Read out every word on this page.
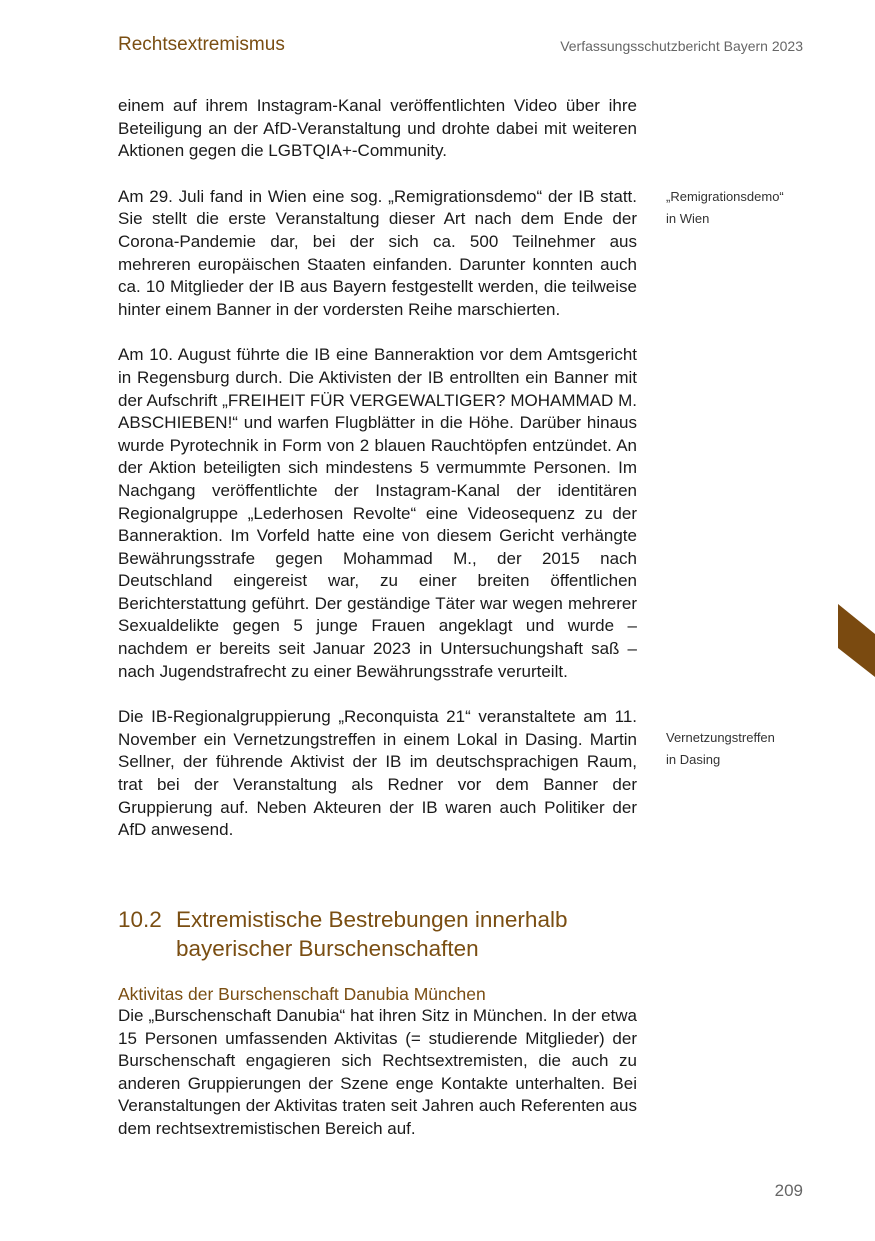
Rechtsextremismus	Verfassungsschutzbericht Bayern 2023

einem auf ihrem Instagram-Kanal veröffentlichten Video über ihre Beteiligung an der AfD-Veranstaltung und drohte dabei mit weiteren Aktionen gegen die LGBTQIA+-Community.

Am 29. Juli fand in Wien eine sog. „Remigrationsdemo“ der IB statt. Sie stellt die erste Veranstaltung dieser Art nach dem Ende der Corona-Pandemie dar, bei der sich ca. 500 Teilnehmer aus mehreren europäischen Staaten einfanden. Darunter konnten auch ca. 10 Mitglieder der IB aus Bayern festgestellt werden, die teilweise hinter einem Banner in der vordersten Reihe marschierten.

Am 10. August führte die IB eine Banneraktion vor dem Amtsgericht in Regensburg durch. Die Aktivisten der IB entrollten ein Banner mit der Aufschrift „FREIHEIT FÜR VERGEWALTIGER? MOHAMMAD M. ABSCHIEBEN!“ und warfen Flugblätter in die Höhe. Darüber hinaus wurde Pyrotechnik in Form von 2 blauen Rauchtöpfen entzündet. An der Aktion beteiligten sich mindestens 5 vermummte Personen. Im Nachgang veröffentlichte der Instagram-Kanal der identitären Regionalgruppe „Lederhosen Revolte“ eine Videosequenz zu der Banneraktion. Im Vorfeld hatte eine von diesem Gericht verhängte Bewährungsstrafe gegen Mohammad M., der 2015 nach Deutschland eingereist war, zu einer breiten öffentlichen Berichterstattung geführt. Der geständige Täter war wegen mehrerer Sexualdelikte gegen 5 junge Frauen angeklagt und wurde – nachdem er bereits seit Januar 2023 in Untersuchungshaft saß – nach Jugendstrafrecht zu einer Bewährungsstrafe verurteilt.

Die IB-Regionalgruppierung „Reconquista 21“ veranstaltete am 11. November ein Vernetzungstreffen in einem Lokal in Dasing. Martin Sellner, der führende Aktivist der IB im deutschsprachigen Raum, trat bei der Veranstaltung als Redner vor dem Banner der Gruppierung auf. Neben Akteuren der IB waren auch Politiker der AfD anwesend.

„Remigrationsdemo“
in Wien
Vernetzungstreffen
in Dasing
10.2 Extremistische Bestrebungen innerhalb
bayerischer Burschenschaften
Aktivitas der Burschenschaft Danubia München

Die „Burschenschaft Danubia“ hat ihren Sitz in München. In der etwa 15 Personen umfassenden Aktivitas (= studierende Mitglieder) der Burschenschaft engagieren sich Rechtsextremisten, die auch zu anderen Gruppierungen der Szene enge Kontakte unterhalten. Bei Veranstaltungen der Aktivitas traten seit Jahren auch Referenten aus dem rechtsextremistischen Bereich auf.

209
